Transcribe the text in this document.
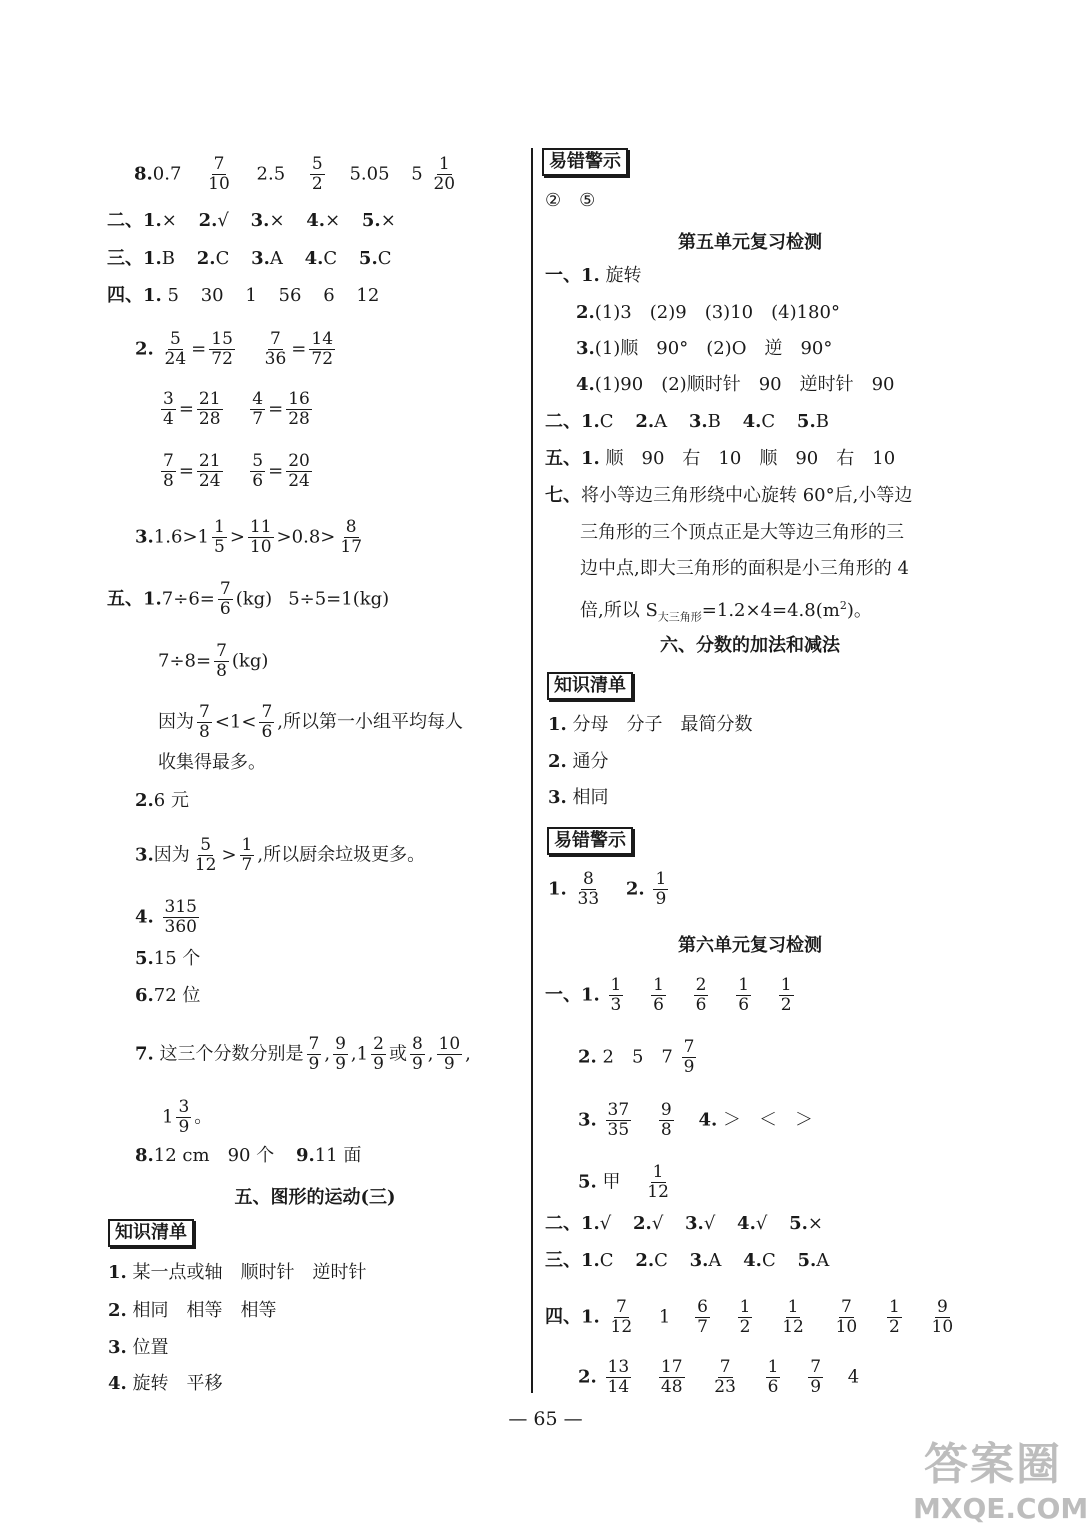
$8.0.7 \frac{7}{10} 2.5 \frac{5}{2} 5.05$ $5 \frac{1}{20}$
二、1.× 2.√ 3.× 4.× 5.×
三、1.B 2.C 3.A 4.C 5.C
四、1. 5 30 1 56 6 12
2. $\frac{5}{24} = \frac{15}{72}$
$\frac{7}{36} = \frac{14}{72}$
$\frac{3}{4} = \frac{21}{28}$
$\frac{4}{7} = \frac{16}{28}$
$\frac{7}{8} = \frac{21}{24}$
$\frac{5}{6} = \frac{20}{24}$
$3.1.6>1 \frac{1}{5} > \frac{11}{10} >0.8> \frac{8}{17}$
五、$1.7\div 6= \frac{7}{6} (kg)$ 5÷5=1(kg)
$7\div 8= \frac{7}{8} (kg)$
因为 $\frac{7}{8} <1< \frac{7}{6}$ ,所以第一小组平均每人
收集得最多。
2.6 元
3.因为 $\frac{5}{12} > \frac{1}{7}$ ,所以厨余垃圾更多。
4. $\frac{315}{360}$
5.15 个
6.72 位
7. 这三个分数分别是 $\frac{7}{9}$ , $\frac{9}{9} ,1 \frac{2}{9}$ 或 $\frac{8}{9}$ , $\frac{10}{9}$ ,
$1 \frac{3}{9}$ 。
8.12 cm　90 个 9.11 面
五、图形的运动(三)
知识清单
1. 某一点或轴　顺时针　逆时针
2. 相同　相等　相等
3. 位置
4. 旋转　平移
易错警示
②　⑤
第五单元复习检测
一、1. 旋转
2.(1)3　(2)9　(3)10　(4)180°
3.(1)顺　90°　(2)O　逆　90°
4.(1)90　(2)顺时针　90　逆时针　90
二、1.C 2.A 3.B 4.C 5.B
五、1. 顺　90　右　10　顺　90　右　10
七、将小等边三角形绕中心旋转 60°后,小等边
三角形的三个顶点正是大等边三角形的三
边中点,即大三角形的面积是小三角形的 4
倍,所以 $S_{大三角形}=1.2\times 4=4.8(m^2)$。
六、分数的加法和减法
知识清单
1. 分母　分子　最简分数
2. 通分
3. 相同
易错警示
1. $\frac{8}{33} 2$. $\frac{1}{9}$
第六单元复习检测
一、1. $\frac{1}{3}$
$\frac{1}{6}$
$\frac{2}{6}$
$\frac{1}{6}$
$\frac{1}{2}$
2. 2　5　$7 \frac{7}{9}$
3. $\frac{37}{35}$
$\frac{9}{8} 4$. ＞　＜　＞
5. 甲 $\frac{1}{12}$
二、1.√ 2.√ 3.√ 4.√ 5.×
三、1.C 2.C 3.A 4.C 5.A
四、1. $\frac{7}{12} 1 \frac{6}{7}$
$\frac{1}{2}$
$\frac{1}{12}$
$\frac{7}{10}$
$\frac{1}{2}$
$\frac{9}{10}$
2. $\frac{13}{14}$
$\frac{17}{48}$
$\frac{7}{23}$
$\frac{1}{6}$
$\frac{7}{9} 4$
— 65 —
答案圈
MXQE.COM
